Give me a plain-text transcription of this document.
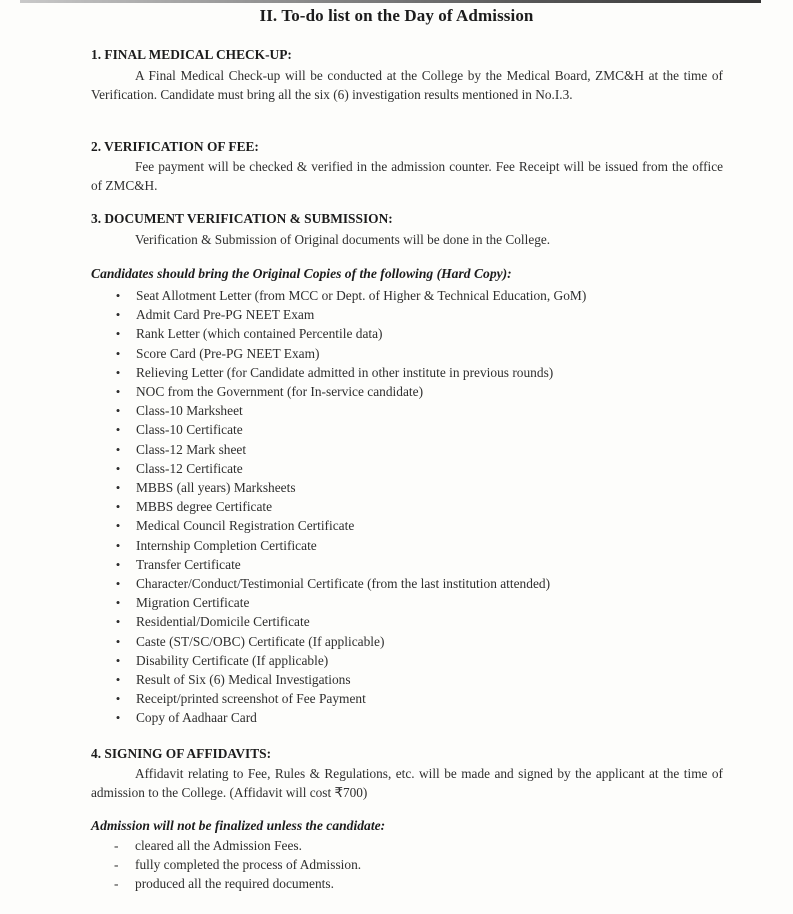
II. To-do list on the Day of Admission
1. FINAL MEDICAL CHECK-UP:
A Final Medical Check-up will be conducted at the College by the Medical Board, ZMC&H at the time of Verification. Candidate must bring all the six (6) investigation results mentioned in No.I.3.
2. VERIFICATION OF FEE:
Fee payment will be checked & verified in the admission counter. Fee Receipt will be issued from the office of ZMC&H.
3. DOCUMENT VERIFICATION & SUBMISSION:
Verification & Submission of Original documents will be done in the College.
Candidates should bring the Original Copies of the following (Hard Copy):
• Seat Allotment Letter (from MCC or Dept. of Higher & Technical Education, GoM)
• Admit Card Pre-PG NEET Exam
• Rank Letter (which contained Percentile data)
• Score Card (Pre-PG NEET Exam)
• Relieving Letter (for Candidate admitted in other institute in previous rounds)
• NOC from the Government (for In-service candidate)
• Class-10 Marksheet
• Class-10 Certificate
• Class-12 Mark sheet
• Class-12 Certificate
• MBBS (all years) Marksheets
• MBBS degree Certificate
• Medical Council Registration Certificate
• Internship Completion Certificate
• Transfer Certificate
• Character/Conduct/Testimonial Certificate (from the last institution attended)
• Migration Certificate
• Residential/Domicile Certificate
• Caste (ST/SC/OBC) Certificate (If applicable)
• Disability Certificate (If applicable)
• Result of Six (6) Medical Investigations
• Receipt/printed screenshot of Fee Payment
• Copy of Aadhaar Card
4. SIGNING OF AFFIDAVITS:
Affidavit relating to Fee, Rules & Regulations, etc. will be made and signed by the applicant at the time of admission to the College. (Affidavit will cost ₹700)
Admission will not be finalized unless the candidate:
- cleared all the Admission Fees.
- fully completed the process of Admission.
- produced all the required documents.
